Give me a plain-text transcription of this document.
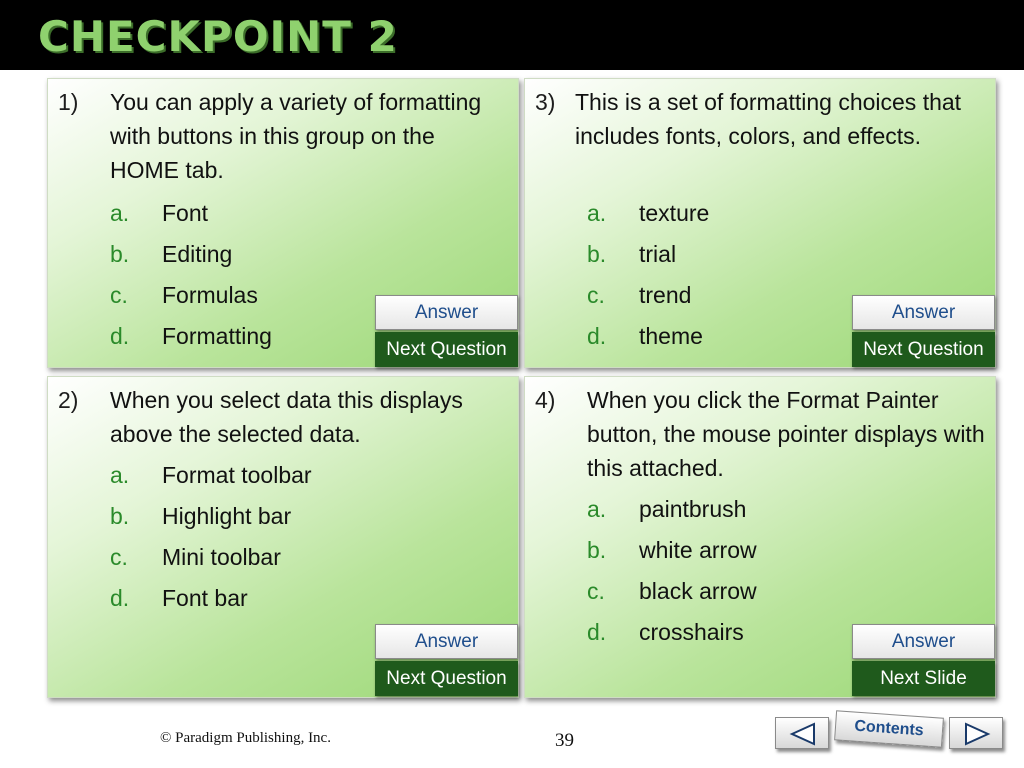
CHECKPOINT 2
1) You can apply a variety of formatting with buttons in this group on the HOME tab.
a. Font
b. Editing
c. Formulas
d. Formatting
Answer
Next Question
3) This is a set of formatting choices that includes fonts, colors, and effects.
a. texture
b. trial
c. trend
d. theme
Answer
Next Question
2) When you select data this displays above the selected data.
a. Format toolbar
b. Highlight bar
c. Mini toolbar
d. Font bar
Answer
Next Question
4) When you click the Format Painter button, the mouse pointer displays with this attached.
a. paintbrush
b. white arrow
c. black arrow
d. crosshairs	Answer
Next Slide
© Paradigm Publishing, Inc.	39
Contents
